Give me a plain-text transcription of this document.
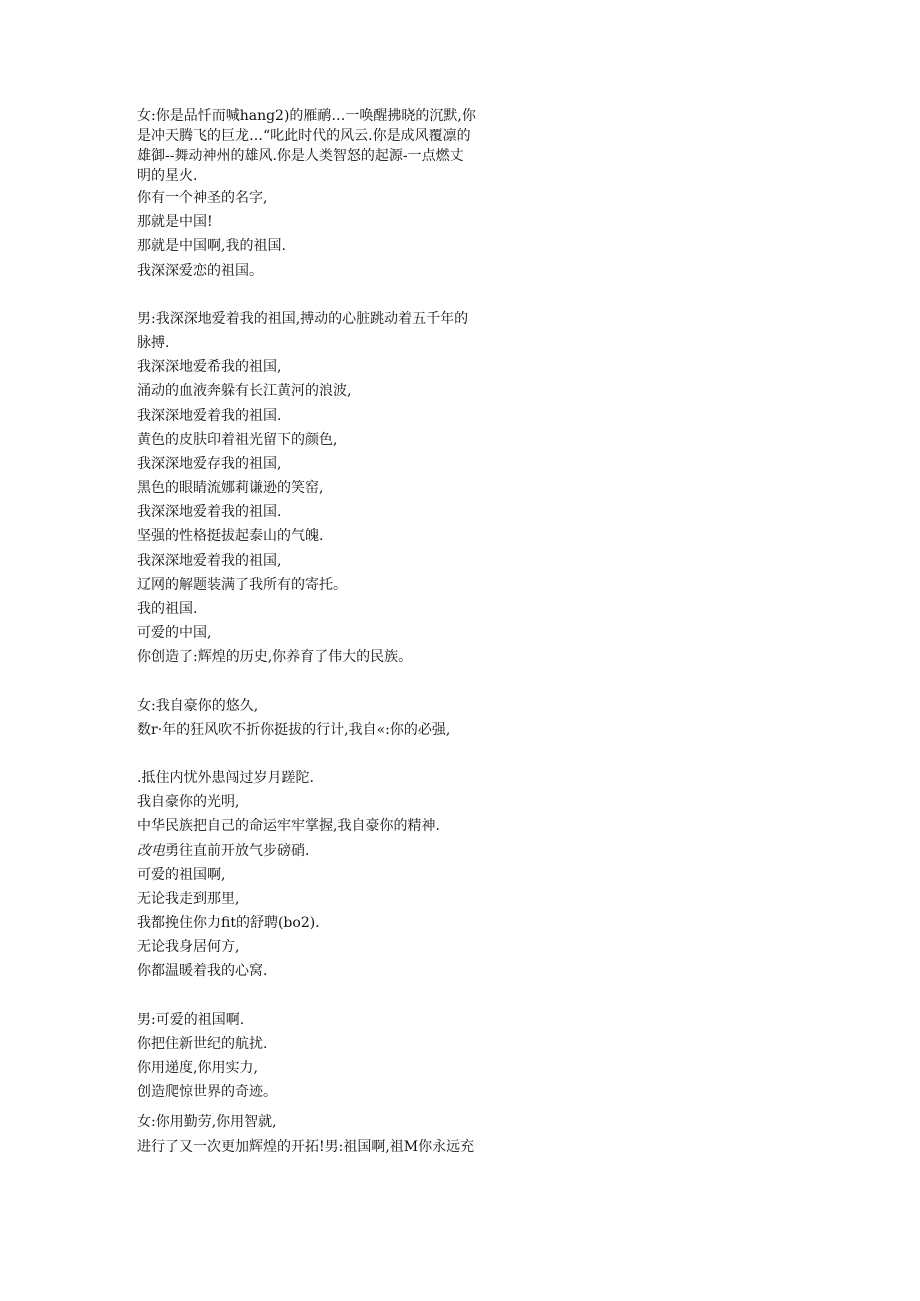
女:你是品忏而喊hang2)的雁鸸…一唤醒拂晓的沉默,你
是冲天腾飞的巨龙…“叱此时代的风云.你是成风覆凛的
雄御--舞动神州的雄风.你是人类智怒的起源-一点燃丈
明的星火.
你有一个神圣的名字,
那就是中国!
那就是中国啊,我的祖国.
我深深爱恋的祖国。
男:我深深地爱着我的祖国,搏动的心脏跳动着五千年的
脉搏.
我深深地爱希我的祖国,
涌动的血液奔躲有长江黄河的浪波,
我深深地爱着我的祖国.
黄色的皮肤印着祖光留下的颜色,
我深深地爱存我的祖国,
黑色的眼睛流娜莉谦逊的笑窑,
我深深地爱着我的祖国.
坚强的性格挺拔起泰山的气魄.
我深深地爱着我的祖国,
辽网的解题装满了我所有的寄托。
我的祖国.
可爱的中国,
你创造了:辉煌的历史,你养育了伟大的民族。
女:我自豪你的悠久,
数r·年的狂风吹不折你挺拔的行计,我自«:你的必强,
.抵住内忧外患闯过岁月蹉陀.
我自豪你的光明,
中华民族把自己的命运牢牢掌握,我自豪你的精神.
改电勇往直前开放气步磅硝.
可爱的祖国啊,
无论我走到那里,
我都挽住你力fit的舒聘(bo2).
无论我身居何方,
你都温暖着我的心窝.
男:可爱的祖国啊.
你把住新世纪的航扰.
你用递度,你用实力,
创造爬惊世界的奇迹。
女:你用勤劳,你用智就,
进行了又一次更加辉煌的开拓!男:祖国啊,祖M你永远充
